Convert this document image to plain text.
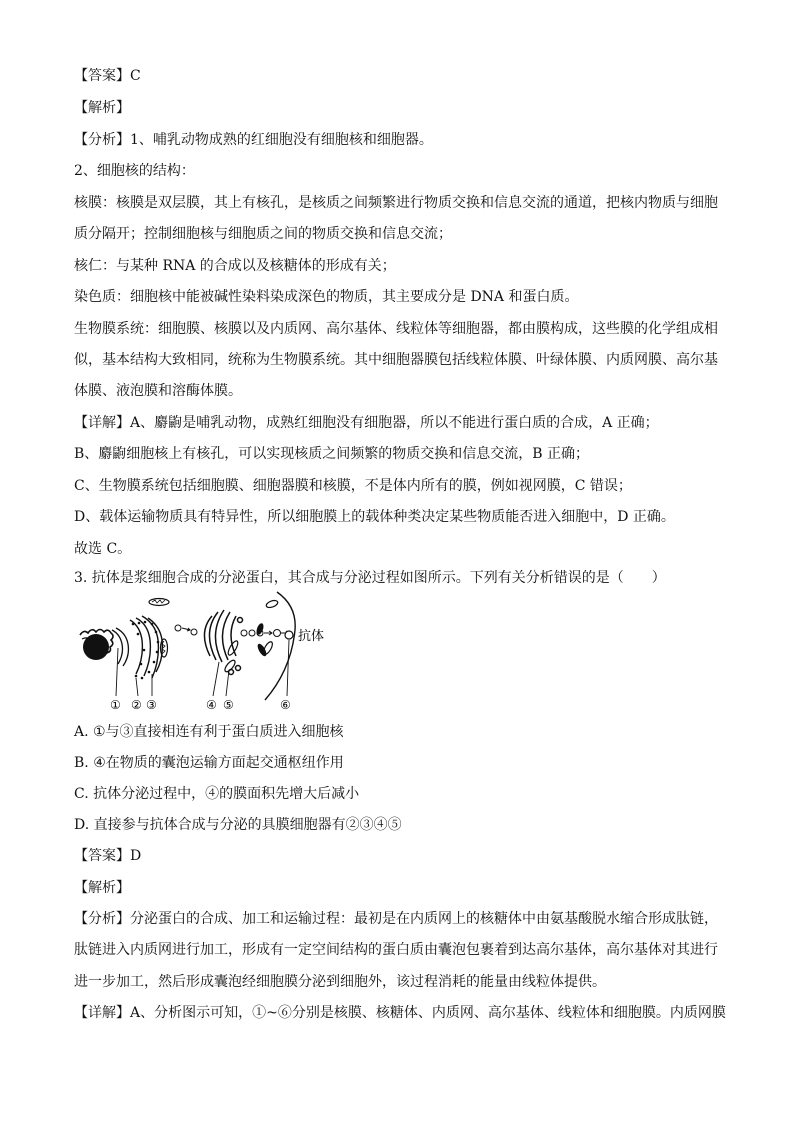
【答案】C
【解析】
【分析】1、哺乳动物成熟的红细胞没有细胞核和细胞器。
2、细胞核的结构：
核膜：核膜是双层膜，其上有核孔，是核质之间频繁进行物质交换和信息交流的通道，把核内物质与细胞
质分隔开；控制细胞核与细胞质之间的物质交换和信息交流；
核仁：与某种 RNA 的合成以及核糖体的形成有关；
染色质：细胞核中能被碱性染料染成深色的物质，其主要成分是 DNA 和蛋白质。
生物膜系统：细胞膜、核膜以及内质网、高尔基体、线粒体等细胞器，都由膜构成，这些膜的化学组成相
似，基本结构大致相同，统称为生物膜系统。其中细胞器膜包括线粒体膜、叶绿体膜、内质网膜、高尔基
体膜、液泡膜和溶酶体膜。
【详解】A、麝鼩是哺乳动物，成熟红细胞没有细胞器，所以不能进行蛋白质的合成，A 正确；
B、麝鼩细胞核上有核孔，可以实现核质之间频繁的物质交换和信息交流，B 正确；
C、生物膜系统包括细胞膜、细胞器膜和核膜，不是体内所有的膜，例如视网膜，C 错误；
D、载体运输物质具有特异性，所以细胞膜上的载体种类决定某些物质能否进入细胞中，D 正确。
故选 C。
3. 抗体是浆细胞合成的分泌蛋白，其合成与分泌过程如图所示。下列有关分析错误的是（　　）
抗体
① ② ③	④ ⑤	⑥
A. ①与③直接相连有利于蛋白质进入细胞核
B. ④在物质的囊泡运输方面起交通枢纽作用
C. 抗体分泌过程中，④的膜面积先增大后减小
D. 直接参与抗体合成与分泌的具膜细胞器有②③④⑤
【答案】D
【解析】
【分析】分泌蛋白的合成、加工和运输过程：最初是在内质网上的核糖体中由氨基酸脱水缩合形成肽链，
肽链进入内质网进行加工，形成有一定空间结构的蛋白质由囊泡包裹着到达高尔基体，高尔基体对其进行
进一步加工，然后形成囊泡经细胞膜分泌到细胞外，该过程消耗的能量由线粒体提供。
【详解】A、分析图示可知，①~⑥分别是核膜、核糖体、内质网、高尔基体、线粒体和细胞膜。内质网膜
